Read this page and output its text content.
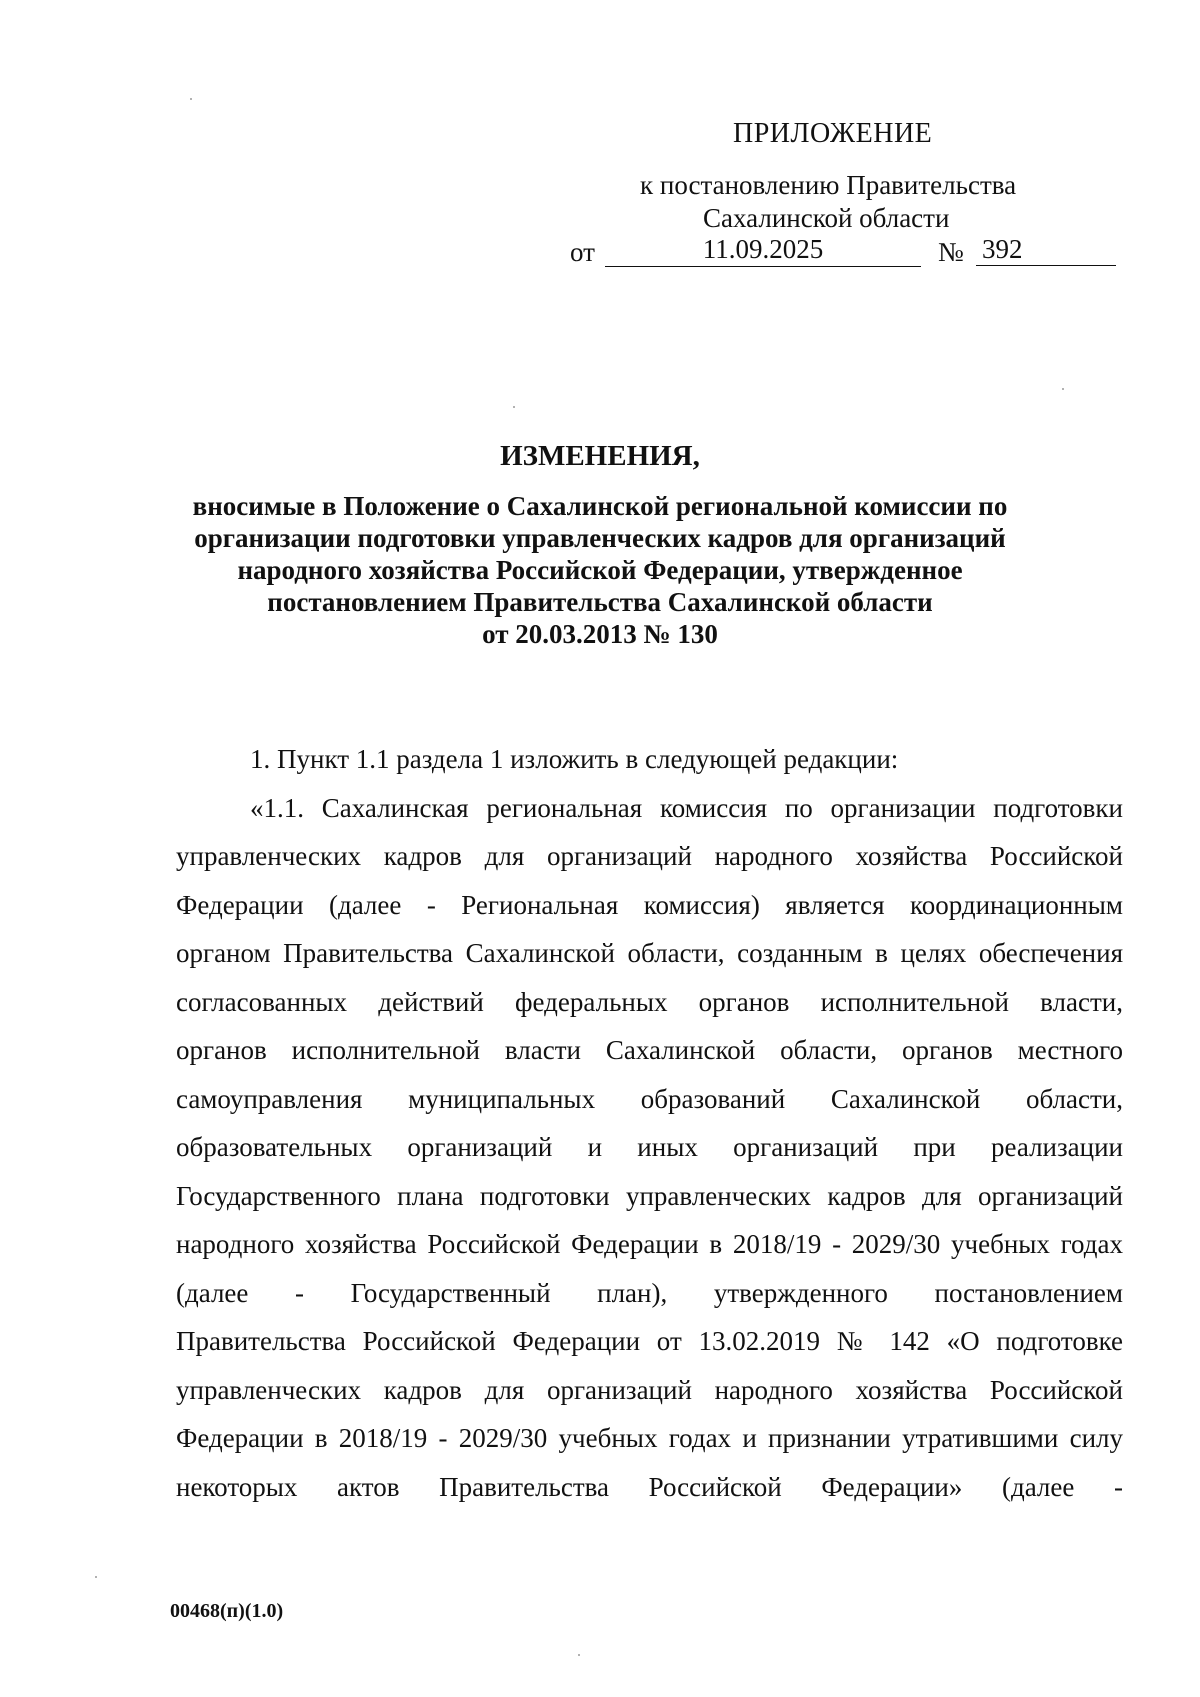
ПРИЛОЖЕНИЕ
к постановлению Правительства
Сахалинской области
от	11.09.2025	№ 392
ИЗМЕНЕНИЯ,
вносимые в Положение о Сахалинской региональной комиссии по
организации подготовки управленческих кадров для организаций
народного хозяйства Российской Федерации, утвержденное
постановлением Правительства Сахалинской области
от 20.03.2013 № 130
1. Пункт 1.1 раздела 1 изложить в следующей редакции:
«1.1. Сахалинская региональная комиссия по организации подготовки
управленческих кадров для организаций народного хозяйства Российской
Федерации (далее - Региональная комиссия) является координационным
органом Правительства Сахалинской области, созданным в целях обеспечения
согласованных действий федеральных органов исполнительной власти,
органов исполнительной власти Сахалинской области, органов местного
самоуправления муниципальных образований Сахалинской области,
образовательных организаций и иных организаций при реализации
Государственного плана подготовки управленческих кадров для организаций
народного хозяйства Российской Федерации в 2018/19 - 2029/30 учебных годах
(далее - Государственный план), утвержденного постановлением
Правительства Российской Федерации от 13.02.2019 № 142 «О подготовке
управленческих кадров для организаций народного хозяйства Российской
Федерации в 2018/19 - 2029/30 учебных годах и признании утратившими силу
некоторых актов Правительства Российской Федерации» (далее -
00468(п)(1.0)
